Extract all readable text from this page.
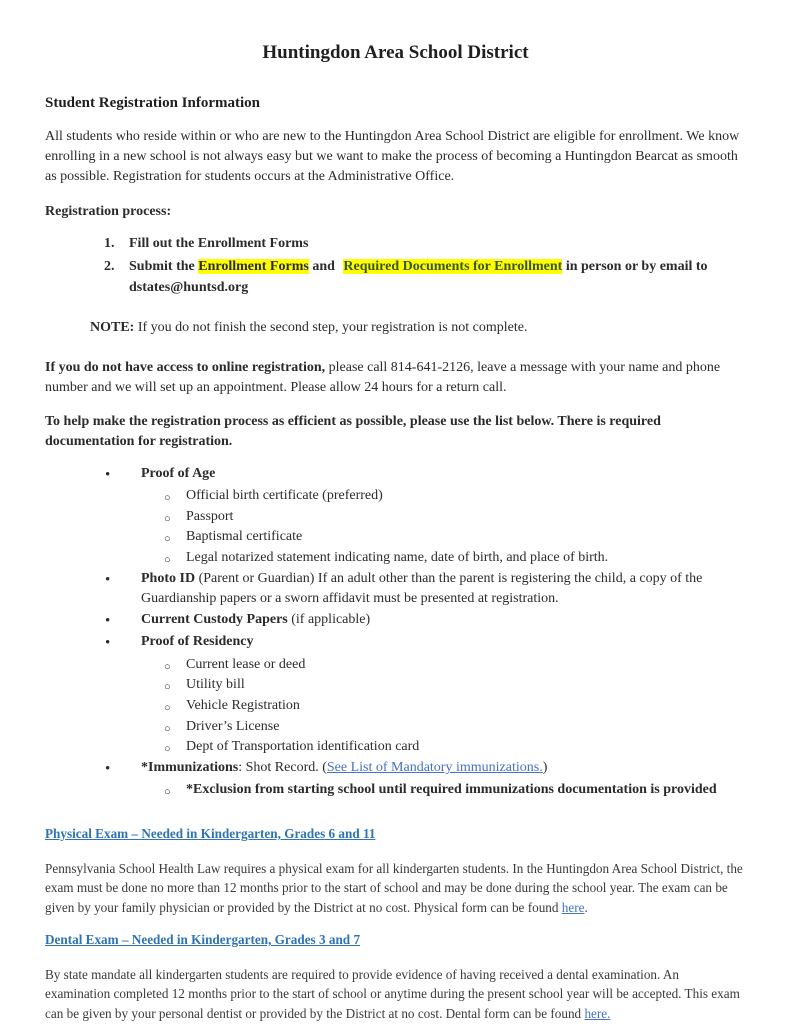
Huntingdon Area School District
Student Registration Information

All students who reside within or who are new to the Huntingdon Area School District are eligible for enrollment. We know enrolling in a new school is not always easy but we want to make the process of becoming a Huntingdon Bearcat as smooth as possible. Registration for students occurs at the Administrative Office.

Registration process:

1.	Fill out the Enrollment Forms
2.	Submit the Enrollment Forms and Required Documents for Enrollment in person or by email to dstates@huntsd.org

NOTE: If you do not finish the second step, your registration is not complete.

If you do not have access to online registration, please call 814-641-2126, leave a message with your name and phone number and we will set up an appointment. Please allow 24 hours for a return call.

To help make the registration process as efficient as possible, please use the list below. There is required documentation for registration.

• Proof of Age
○ Official birth certificate (preferred)
○ Passport
○ Baptismal certificate
○ Legal notarized statement indicating name, date of birth, and place of birth.
• Photo ID (Parent or Guardian) If an adult other than the parent is registering the child, a copy of the Guardianship papers or a sworn affidavit must be presented at registration.
• Current Custody Papers (if applicable)
• Proof of Residency
○ Current lease or deed
○ Utility bill
○ Vehicle Registration
○ Driver’s License
○ Dept of Transportation identification card
• *Immunizations: Shot Record. (See List of Mandatory immunizations.)
○ *Exclusion from starting school until required immunizations documentation is provided
Physical Exam – Needed in Kindergarten, Grades 6 and 11

Pennsylvania School Health Law requires a physical exam for all kindergarten students. In the Huntingdon Area School District, the exam must be done no more than 12 months prior to the start of school and may be done during the school year. The exam can be given by your family physician or provided by the District at no cost. Physical form can be found here.

Dental Exam – Needed in Kindergarten, Grades 3 and 7

By state mandate all kindergarten students are required to provide evidence of having received a dental examination. An examination completed 12 months prior to the start of school or anytime during the present school year will be accepted. This exam can be given by your personal dentist or provided by the District at no cost. Dental form can be found here.
